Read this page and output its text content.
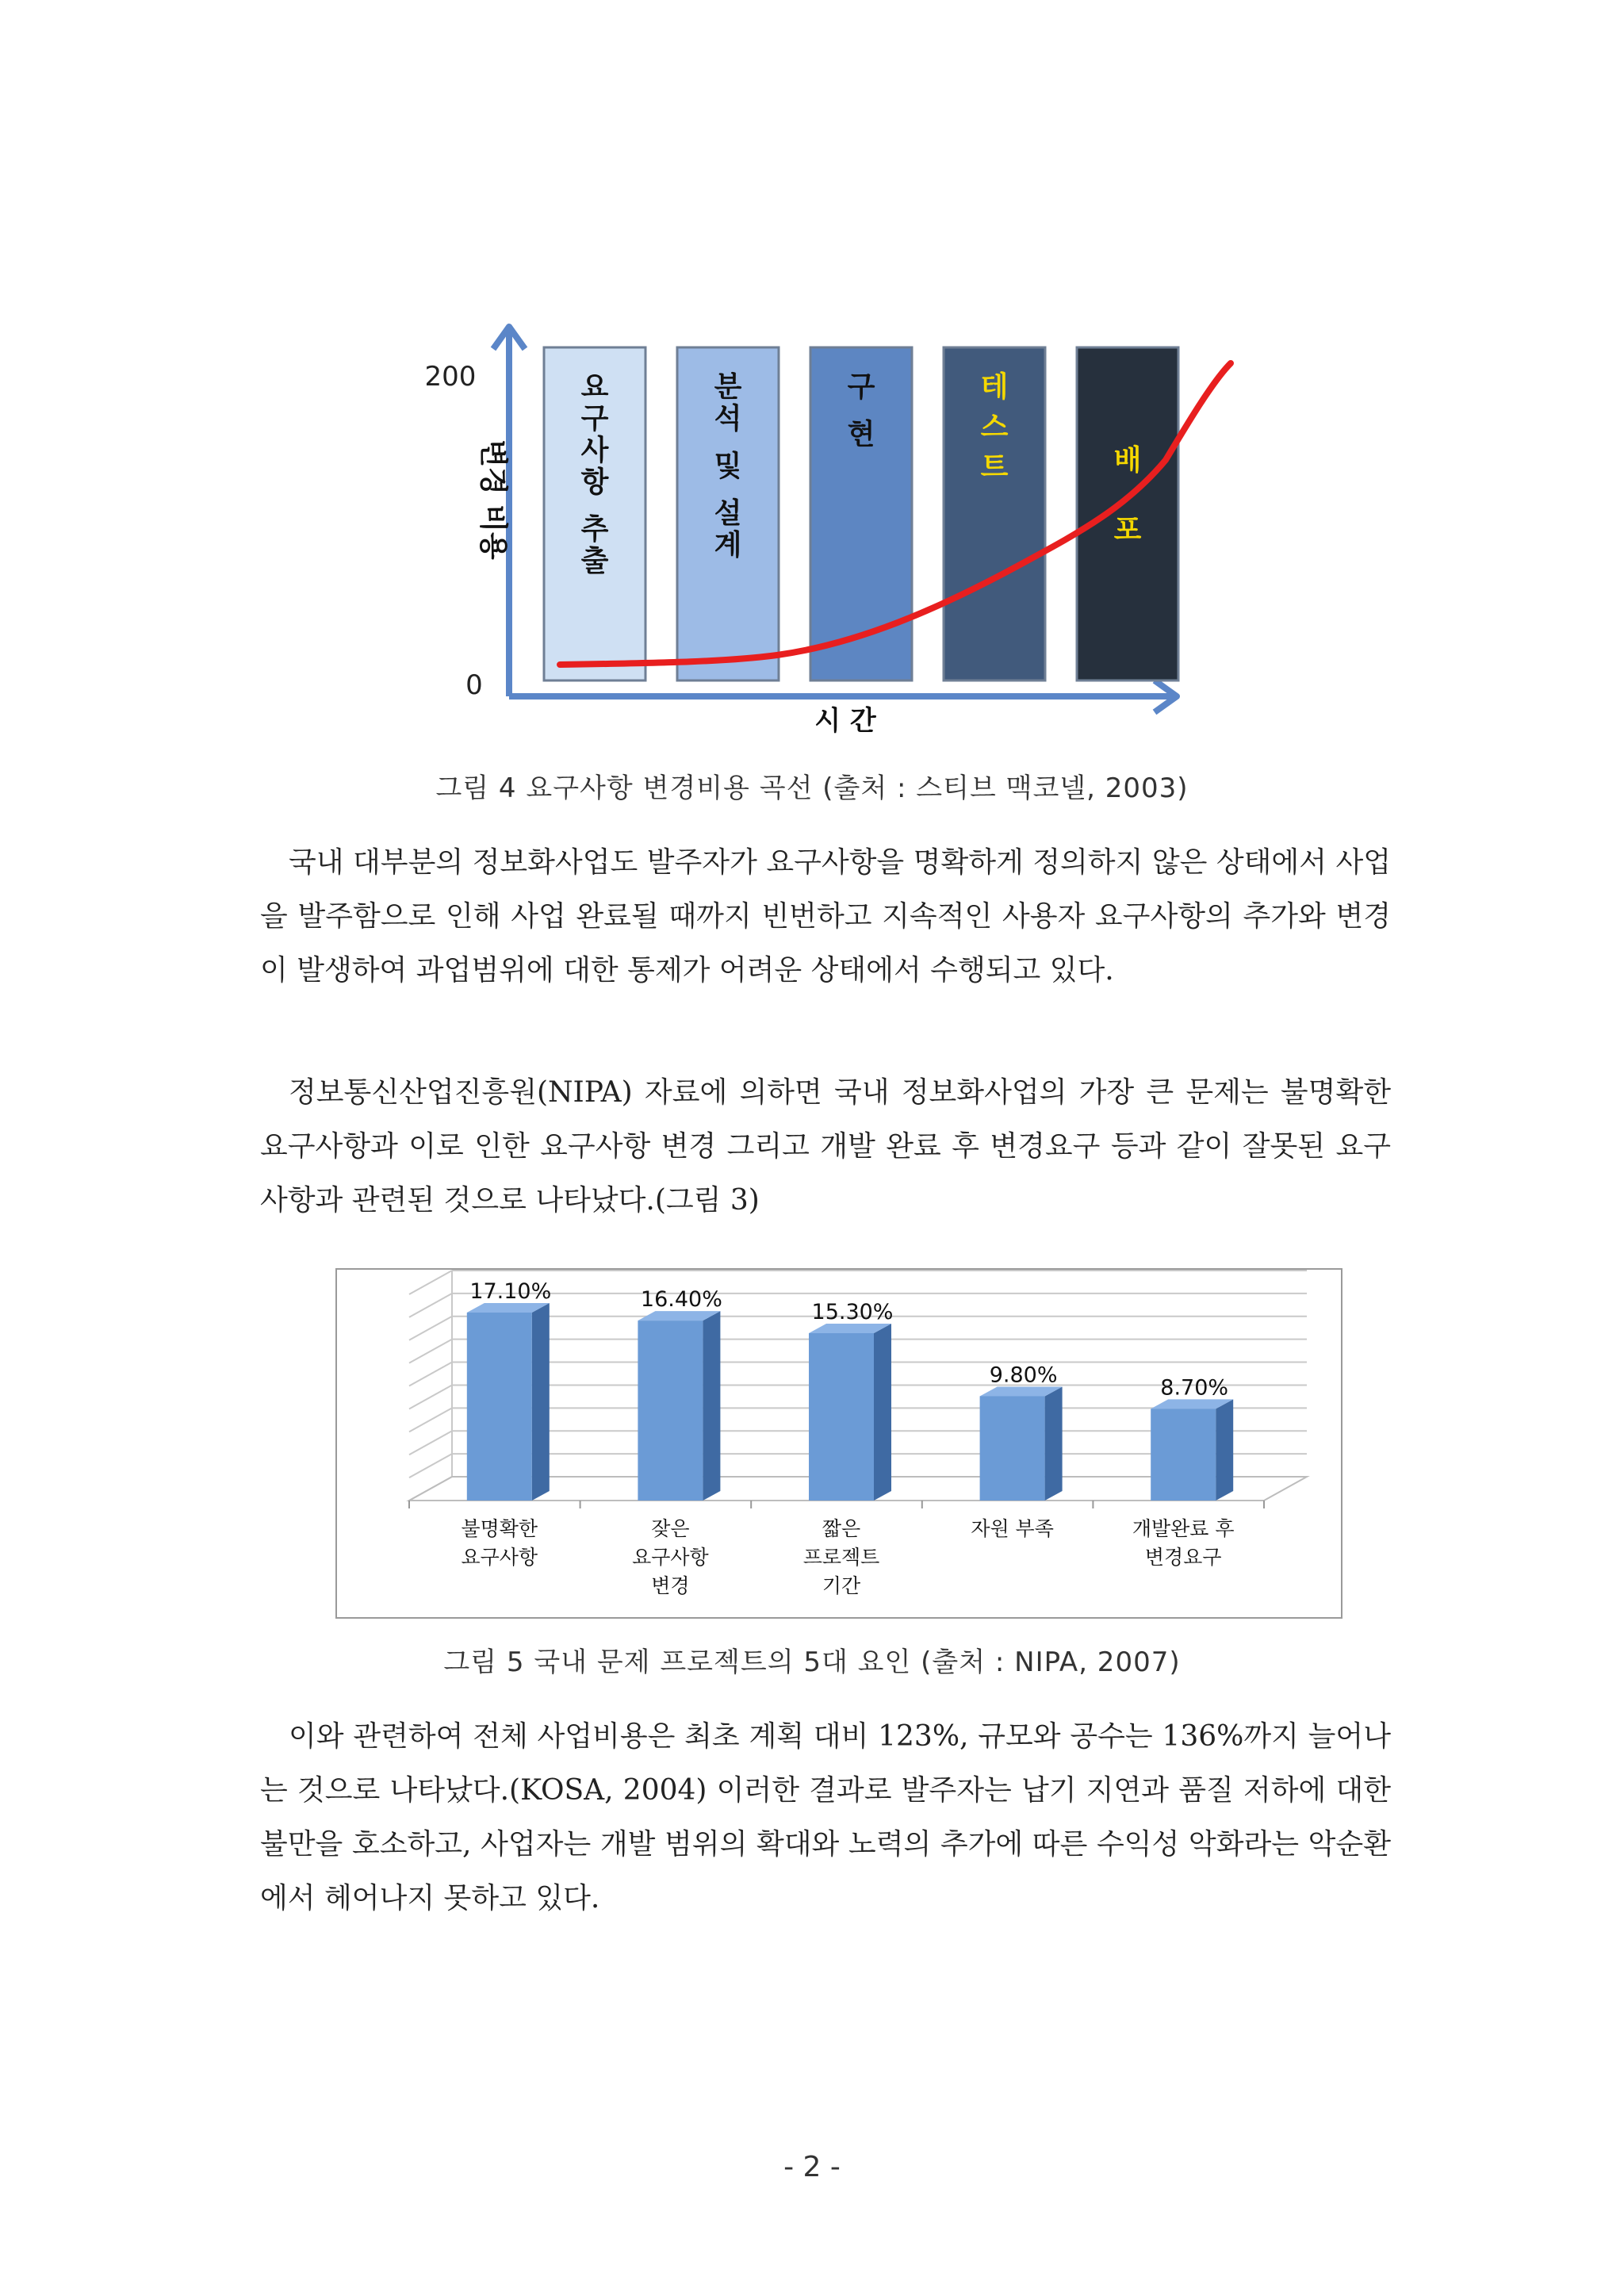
200
0
변경 비용
시 간
요 구 사 항 추 출
분 석 및 설 계
구 현
테 스 트	배 포
그림 4 요구사항 변경비용 곡선 (출처 : 스티브 맥코넬, 2003)

국내 대부분의 정보화사업도 발주자가 요구사항을 명확하게 정의하지 않은 상태에서 사업을 발주함으로 인해 사업 완료될 때까지 빈번하고 지속적인 사용자 요구사항의 추가와 변경이 발생하여 과업범위에 대한 통제가 어려운 상태에서 수행되고 있다.

정보통신산업진흥원(NIPA) 자료에 의하면 국내 정보화사업의 가장 큰 문제는 불명확한 요구사항과 이로 인한 요구사항 변경 그리고 개발 완료 후 변경요구 등과 같이 잘못된 요구사항과 관련된 것으로 나타났다.(그림 3)

17.10%	16.40%
15.30%
9.80%
8.70%
불명확한 요구사항
잦은 요구사항 변경
짧은 프로젝트 기간
자원 부족	개발완료 후 변경요구
그림 5 국내 문제 프로젝트의 5대 요인 (출처 : NIPA, 2007)

이와 관련하여 전체 사업비용은 최초 계획 대비 123%, 규모와 공수는 136%까지 늘어나는 것으로 나타났다.(KOSA, 2004) 이러한 결과로 발주자는 납기 지연과 품질 저하에 대한 불만을 호소하고, 사업자는 개발 범위의 확대와 노력의 추가에 따른 수익성 악화라는 악순환에서 헤어나지 못하고 있다.

- 2 -
